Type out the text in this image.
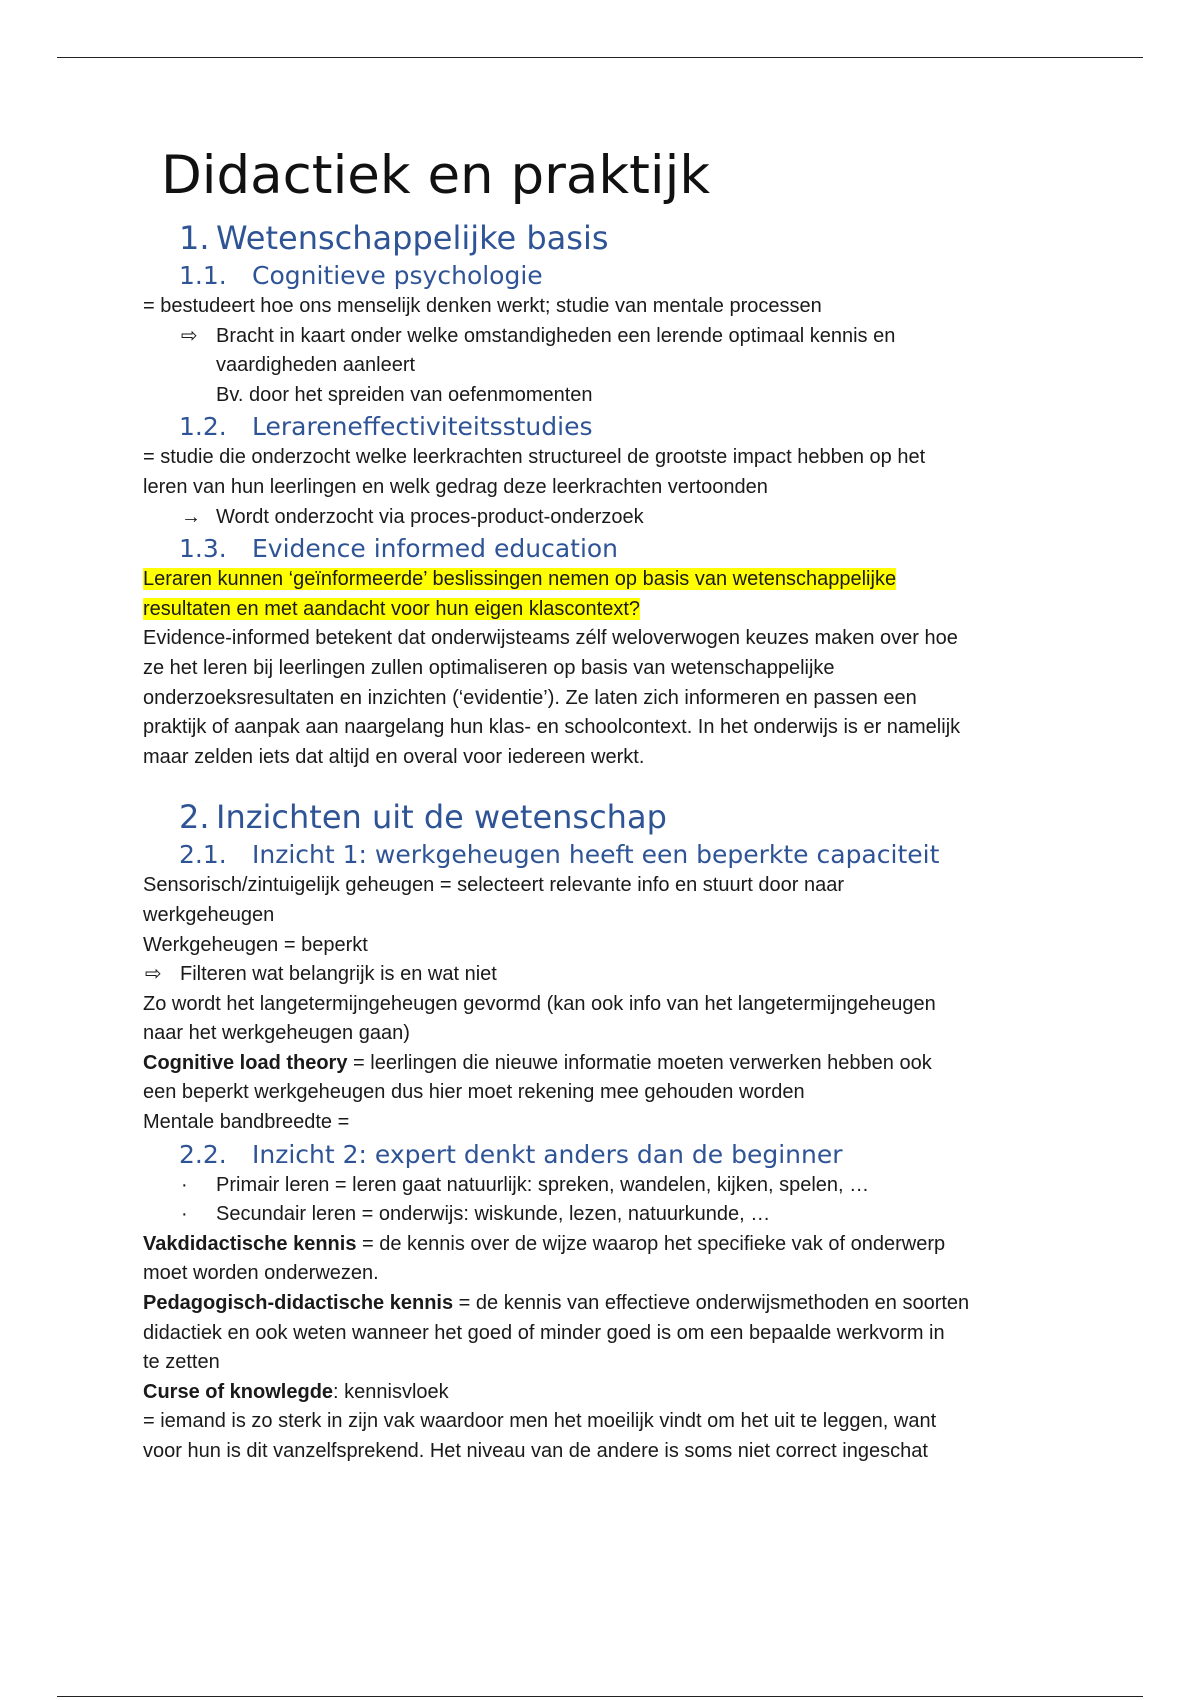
Didactiek en praktijk
1. Wetenschappelijke basis
1.1. Cognitieve psychologie

= bestudeert hoe ons menselijk denken werkt; studie van mentale processen

⇨ Bracht in kaart onder welke omstandigheden een lerende optimaal kennis en

vaardigheden aanleert

Bv. door het spreiden van oefenmomenten

1.2. Lerareneffectiviteitsstudies

= studie die onderzocht welke leerkrachten structureel de grootste impact hebben op het

leren van hun leerlingen en welk gedrag deze leerkrachten vertoonden

→ Wordt onderzocht via proces-product-onderzoek

1.3. Evidence informed education

Leraren kunnen ‘geïnformeerde’ beslissingen nemen op basis van wetenschappelijke

resultaten en met aandacht voor hun eigen klascontext?

Evidence-informed betekent dat onderwijsteams zélf weloverwogen keuzes maken over hoe

ze het leren bij leerlingen zullen optimaliseren op basis van wetenschappelijke

onderzoeksresultaten en inzichten (‘evidentie’). Ze laten zich informeren en passen een

praktijk of aanpak aan naargelang hun klas- en schoolcontext. In het onderwijs is er namelijk

maar zelden iets dat altijd en overal voor iedereen werkt.

2. Inzichten uit de wetenschap
2.1. Inzicht 1: werkgeheugen heeft een beperkte capaciteit

Sensorisch/zintuigelijk geheugen = selecteert relevante info en stuurt door naar

werkgeheugen

Werkgeheugen = beperkt

⇨ Filteren wat belangrijk is en wat niet

Zo wordt het langetermijngeheugen gevormd (kan ook info van het langetermijngeheugen

naar het werkgeheugen gaan)

Cognitive load theory = leerlingen die nieuwe informatie moeten verwerken hebben ook

een beperkt werkgeheugen dus hier moet rekening mee gehouden worden

Mentale bandbreedte =

2.2. Inzicht 2: expert denkt anders dan de beginner

· Primair leren = leren gaat natuurlijk: spreken, wandelen, kijken, spelen, …

· Secundair leren = onderwijs: wiskunde, lezen, natuurkunde, …

Vakdidactische kennis = de kennis over de wijze waarop het specifieke vak of onderwerp

moet worden onderwezen.

Pedagogisch-didactische kennis = de kennis van effectieve onderwijsmethoden en soorten

didactiek en ook weten wanneer het goed of minder goed is om een bepaalde werkvorm in

te zetten

Curse of knowlegde: kennisvloek

= iemand is zo sterk in zijn vak waardoor men het moeilijk vindt om het uit te leggen, want

voor hun is dit vanzelfsprekend. Het niveau van de andere is soms niet correct ingeschat
